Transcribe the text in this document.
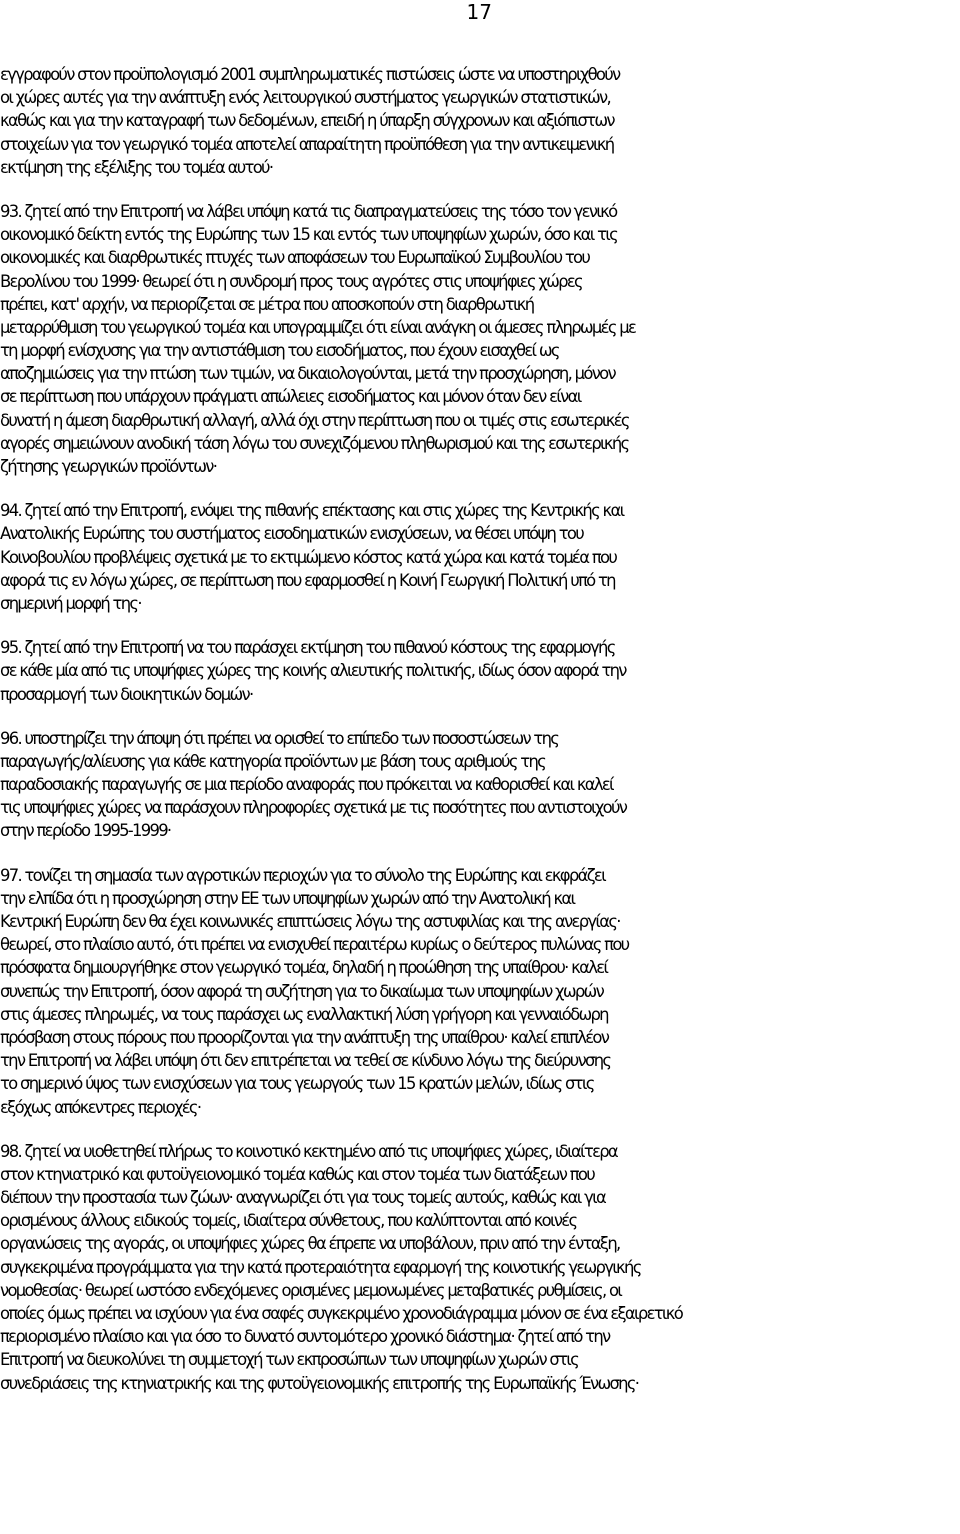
17
εγγραφούν στον προϋπολογισμό 2001 συμπληρωματικές πιστώσεις ώστε να υποστηριχθούν
οι χώρες αυτές για την ανάπτυξη ενός λειτουργικού συστήματος γεωργικών στατιστικών,
καθώς και για την καταγραφή των δεδομένων, επειδή η ύπαρξη σύγχρονων και αξιόπιστων
στοιχείων για τον γεωργικό τομέα αποτελεί απαραίτητη προϋπόθεση για την αντικειμενική
εκτίμηση της εξέλιξης του τομέα αυτού·
93. ζητεί από την Επιτροπή να λάβει υπόψη κατά τις διαπραγματεύσεις της τόσο τον γενικό
οικονομικό δείκτη εντός της Ευρώπης των 15 και εντός των υποψηφίων χωρών, όσο και τις
οικονομικές και διαρθρωτικές πτυχές των αποφάσεων του Ευρωπαϊκού Συμβουλίου του
Βερολίνου του 1999· θεωρεί ότι η συνδρομή προς τους αγρότες στις υποψήφιες χώρες
πρέπει, κατ' αρχήν, να περιορίζεται σε μέτρα που αποσκοπούν στη διαρθρωτική
μεταρρύθμιση του γεωργικού τομέα και υπογραμμίζει ότι είναι ανάγκη οι άμεσες πληρωμές με
τη μορφή ενίσχυσης για την αντιστάθμιση του εισοδήματος, που έχουν εισαχθεί ως
αποζημιώσεις για την πτώση των τιμών, να δικαιολογούνται, μετά την προσχώρηση, μόνον
σε περίπτωση που υπάρχουν πράγματι απώλειες εισοδήματος και μόνον όταν δεν είναι
δυνατή η άμεση διαρθρωτική αλλαγή, αλλά όχι στην περίπτωση που οι τιμές στις εσωτερικές
αγορές σημειώνουν ανοδική τάση λόγω του συνεχιζόμενου πληθωρισμού και της εσωτερικής
ζήτησης γεωργικών προϊόντων·
94. ζητεί από την Επιτροπή, ενόψει της πιθανής επέκτασης και στις χώρες της Κεντρικής και
Ανατολικής Ευρώπης του συστήματος εισοδηματικών ενισχύσεων, να θέσει υπόψη του
Κοινοβουλίου προβλέψεις σχετικά με το εκτιμώμενο κόστος κατά χώρα και κατά τομέα που
αφορά τις εν λόγω χώρες, σε περίπτωση που εφαρμοσθεί η Κοινή Γεωργική Πολιτική υπό τη
σημερινή μορφή της·
95. ζητεί από την Επιτροπή να του παράσχει εκτίμηση του πιθανού κόστους της εφαρμογής
σε κάθε μία από τις υποψήφιες χώρες της κοινής αλιευτικής πολιτικής, ιδίως όσον αφορά την
προσαρμογή των διοικητικών δομών·
96. υποστηρίζει την άποψη ότι πρέπει να ορισθεί το επίπεδο των ποσοστώσεων της
παραγωγής/αλίευσης για κάθε κατηγορία προϊόντων με βάση τους αριθμούς της
παραδοσιακής παραγωγής σε μια περίοδο αναφοράς που πρόκειται να καθορισθεί και καλεί
τις υποψήφιες χώρες να παράσχουν πληροφορίες σχετικά με τις ποσότητες που αντιστοιχούν
στην περίοδο 1995-1999·
97. τονίζει τη σημασία των αγροτικών περιοχών για το σύνολο της Ευρώπης και εκφράζει
την ελπίδα ότι η προσχώρηση στην ΕΕ των υποψηφίων χωρών από την Ανατολική και
Κεντρική Ευρώπη δεν θα έχει κοινωνικές επιπτώσεις λόγω της αστυφιλίας και της ανεργίας·
θεωρεί, στο πλαίσιο αυτό, ότι πρέπει να ενισχυθεί περαιτέρω κυρίως ο δεύτερος πυλώνας που
πρόσφατα δημιουργήθηκε στον γεωργικό τομέα, δηλαδή η προώθηση της υπαίθρου· καλεί
συνεπώς την Επιτροπή, όσον αφορά τη συζήτηση για το δικαίωμα των υποψηφίων χωρών
στις άμεσες πληρωμές, να τους παράσχει ως εναλλακτική λύση γρήγορη και γενναιόδωρη
πρόσβαση στους πόρους που προορίζονται για την ανάπτυξη της υπαίθρου· καλεί επιπλέον
την Επιτροπή να λάβει υπόψη ότι δεν επιτρέπεται να τεθεί σε κίνδυνο λόγω της διεύρυνσης
το σημερινό ύψος των ενισχύσεων για τους γεωργούς των 15 κρατών μελών, ιδίως στις
εξόχως απόκεντρες περιοχές·
98. ζητεί να υιοθετηθεί πλήρως το κοινοτικό κεκτημένο από τις υποψήφιες χώρες, ιδιαίτερα
στον κτηνιατρικό και φυτοϋγειονομικό τομέα καθώς και στον τομέα των διατάξεων που
διέπουν την προστασία των ζώων· αναγνωρίζει ότι για τους τομείς αυτούς, καθώς και για
ορισμένους άλλους ειδικούς τομείς, ιδιαίτερα σύνθετους, που καλύπτονται από κοινές
οργανώσεις της αγοράς, οι υποψήφιες χώρες θα έπρεπε να υποβάλουν, πριν από την ένταξη,
συγκεκριμένα προγράμματα για την κατά προτεραιότητα εφαρμογή της κοινοτικής γεωργικής
νομοθεσίας· θεωρεί ωστόσο ενδεχόμενες ορισμένες μεμονωμένες μεταβατικές ρυθμίσεις, οι
οποίες όμως πρέπει να ισχύουν για ένα σαφές συγκεκριμένο χρονοδιάγραμμα μόνον σε ένα εξαιρετικό
περιορισμένο πλαίσιο και για όσο το δυνατό συντομότερο χρονικό διάστημα· ζητεί από την
Επιτροπή να διευκολύνει τη συμμετοχή των εκπροσώπων των υποψηφίων χωρών στις
συνεδριάσεις της κτηνιατρικής και της φυτοϋγειονομικής επιτροπής της Ευρωπαϊκής Ένωσης·
